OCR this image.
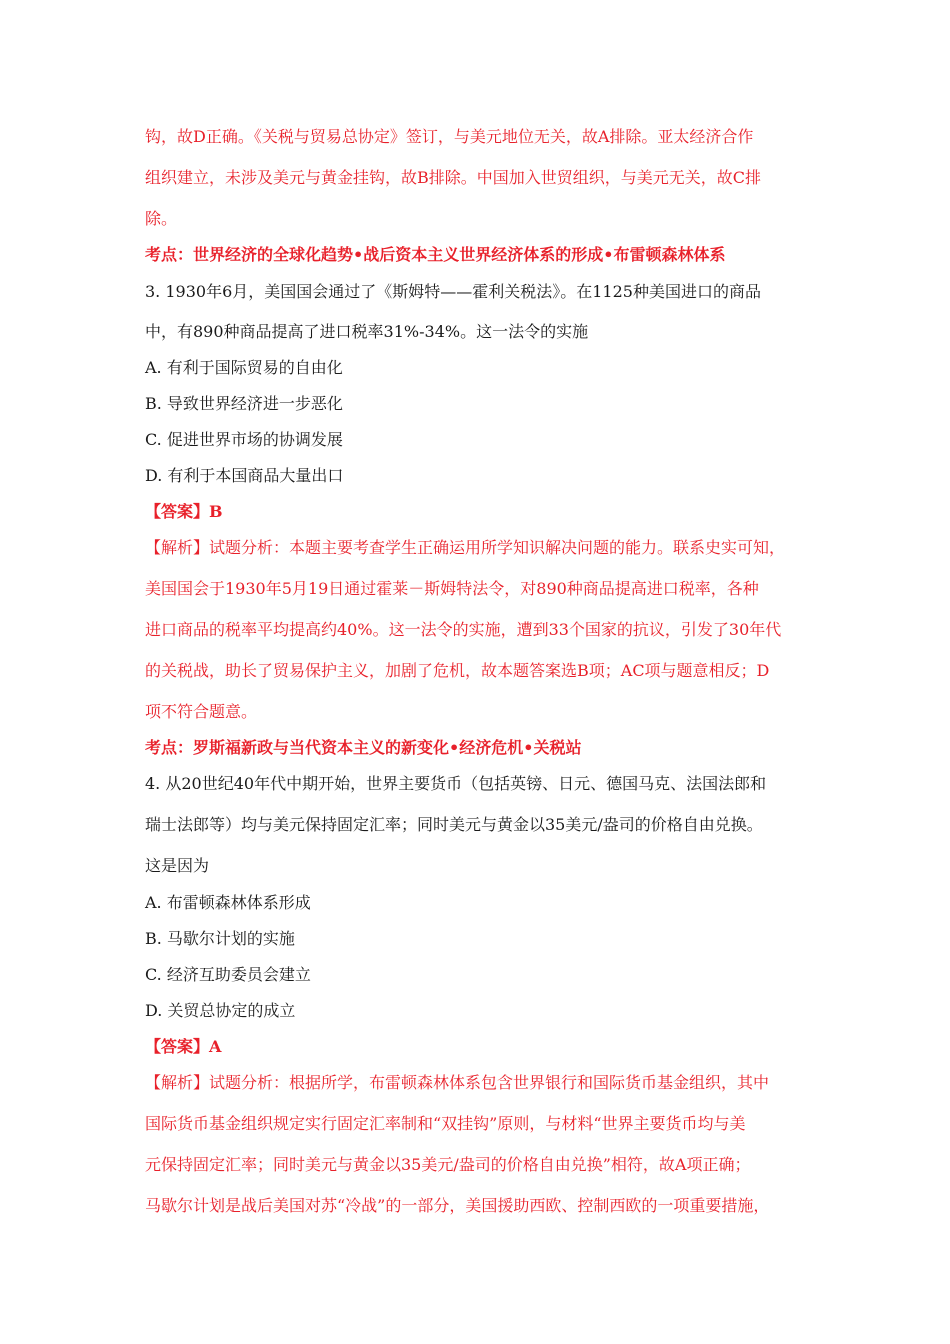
钩，故D正确。《关税与贸易总协定》签订，与美元地位无关，故A排除。亚太经济合作
组织建立，未涉及美元与黄金挂钩，故B排除。中国加入世贸组织，与美元无关，故C排
除。
考点：世界经济的全球化趋势•战后资本主义世界经济体系的形成•布雷顿森林体系
3. 1930年6月，美国国会通过了《斯姆特——霍利关税法》。在1125种美国进口的商品
中，有890种商品提高了进口税率31%-34%。这一法令的实施
A. 有利于国际贸易的自由化
B. 导致世界经济进一步恶化
C. 促进世界市场的协调发展
D. 有利于本国商品大量出口
【答案】B
【解析】试题分析：本题主要考查学生正确运用所学知识解决问题的能力。联系史实可知，
美国国会于1930年5月19日通过霍莱－斯姆特法令，对890种商品提高进口税率，各种
进口商品的税率平均提高约40%。这一法令的实施，遭到33个国家的抗议，引发了30年代
的关税战，助长了贸易保护主义，加剧了危机，故本题答案选B项；AC项与题意相反；D
项不符合题意。
考点：罗斯福新政与当代资本主义的新变化•经济危机•关税站
4. 从20世纪40年代中期开始，世界主要货币（包括英镑、日元、德国马克、法国法郎和
瑞士法郎等）均与美元保持固定汇率；同时美元与黄金以35美元/盎司的价格自由兑换。
这是因为
A. 布雷顿森林体系形成
B. 马歇尔计划的实施
C. 经济互助委员会建立
D. 关贸总协定的成立
【答案】A
【解析】试题分析：根据所学，布雷顿森林体系包含世界银行和国际货币基金组织，其中
国际货币基金组织规定实行固定汇率制和“双挂钩”原则，与材料“世界主要货币均与美
元保持固定汇率；同时美元与黄金以35美元/盎司的价格自由兑换”相符，故A项正确；
马歇尔计划是战后美国对苏“冷战”的一部分，美国援助西欧、控制西欧的一项重要措施，
